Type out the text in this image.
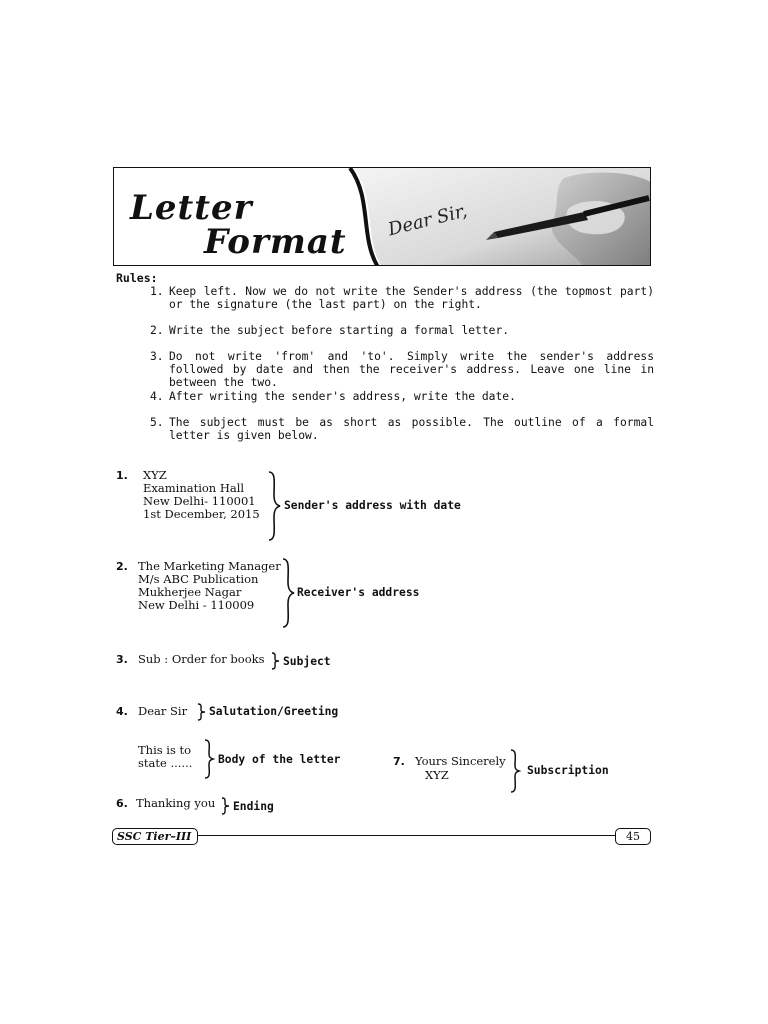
Letter
Format
Dear Sir,
Rules:
1. Keep left. Now we do not write the Sender's address (the topmost part) or the signature (the last part) on the right.
2. Write the subject before starting a formal letter.
3. Do not write 'from' and 'to'. Simply write the sender's address followed by date and then the receiver's address. Leave one line in between the two.
4. After writing the sender's address, write the date.
5. The subject must be as short as possible. The outline of a formal letter is given below.
1. XYZ
Examination Hall
New Delhi- 110001
1st December, 2015
Sender's address with date
2. The Marketing Manager
M/s ABC Publication
Mukherjee Nagar
New Delhi - 110009
Receiver's address
3. Sub : Order for books Subject
4. Dear Sir Salutation/Greeting
This is to
state ...... Body of the letter	7. Yours Sincerely
XYZ	Subscription
6. Thanking you Ending
SSC Tier–III	45
